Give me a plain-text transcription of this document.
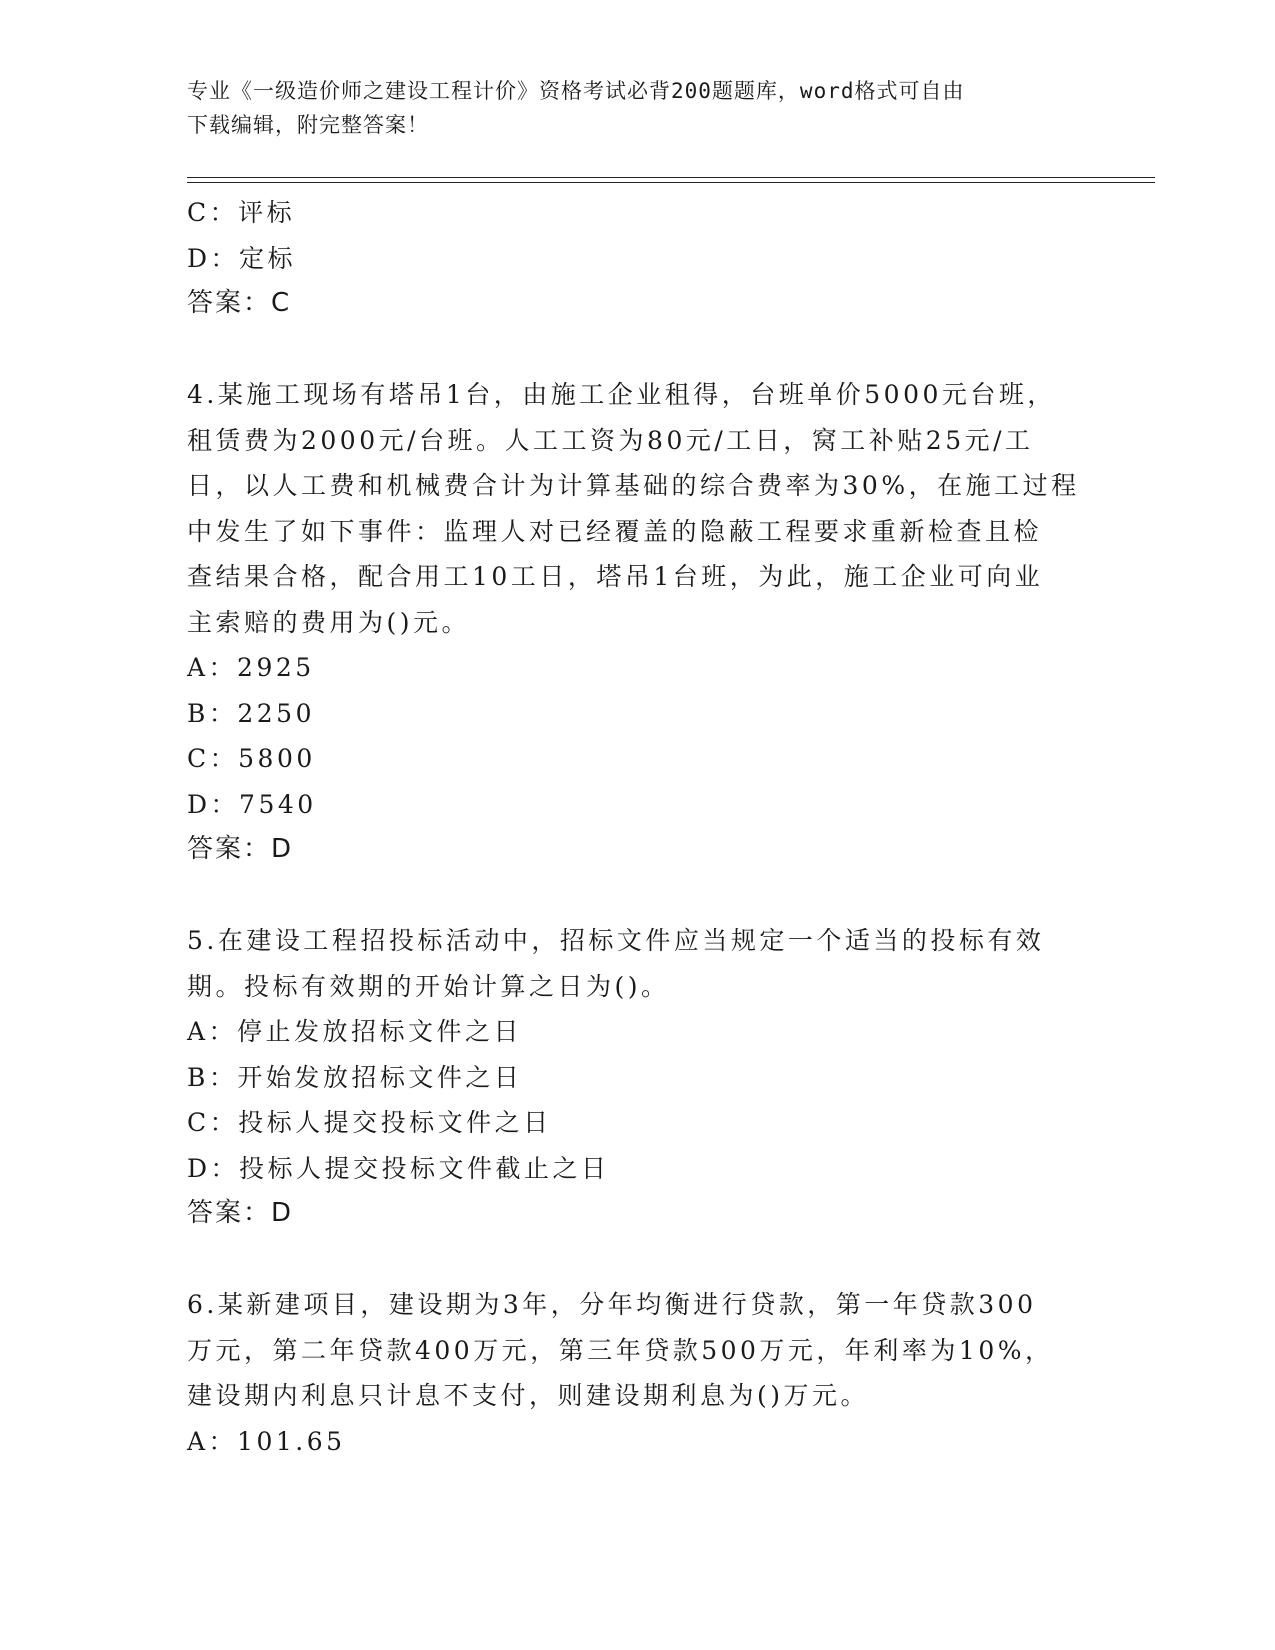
专业《一级造价师之建设工程计价》资格考试必背200题题库，word格式可自由
下载编辑，附完整答案！
C：评标
D：定标
答案：C
4.某施工现场有塔吊1台，由施工企业租得，台班单价5000元台班，
租赁费为2000元/台班。人工工资为80元/工日，窝工补贴25元/工
日，以人工费和机械费合计为计算基础的综合费率为30%，在施工过程
中发生了如下事件：监理人对已经覆盖的隐蔽工程要求重新检查且检
查结果合格，配合用工10工日，塔吊1台班，为此，施工企业可向业
主索赔的费用为()元。
A：2925
B：2250
C：5800
D：7540
答案：D
5.在建设工程招投标活动中，招标文件应当规定一个适当的投标有效
期。投标有效期的开始计算之日为()。
A：停止发放招标文件之日
B：开始发放招标文件之日
C：投标人提交投标文件之日
D：投标人提交投标文件截止之日
答案：D
6.某新建项目，建设期为3年，分年均衡进行贷款，第一年贷款300
万元，第二年贷款400万元，第三年贷款500万元，年利率为10%，
建设期内利息只计息不支付，则建设期利息为()万元。
A：101.65
